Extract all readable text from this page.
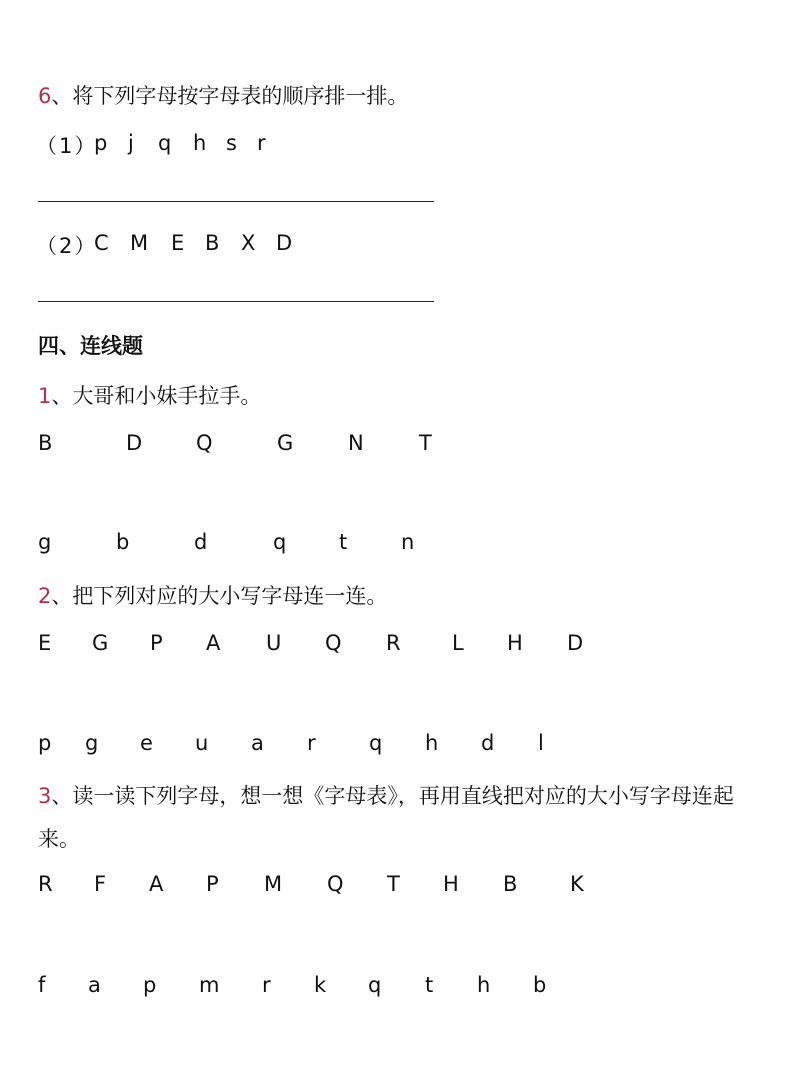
6、将下列字母按字母表的顺序排一排。
（1）
p j q h s r
（2）
C M E B X D
四、连线题
1、大哥和小妹手拉手。
B	D	Q	G	N	T
g	b	d	q	t	n
2、把下列对应的大小写字母连一连。
E G P A U Q R L H D
p g e u a r	q h d l
3、读一读下列字母，想一想《字母表》，再用直线把对应的大小写字母连起
来。
R F A P M Q T H B	K
f a p m r k q t h b
